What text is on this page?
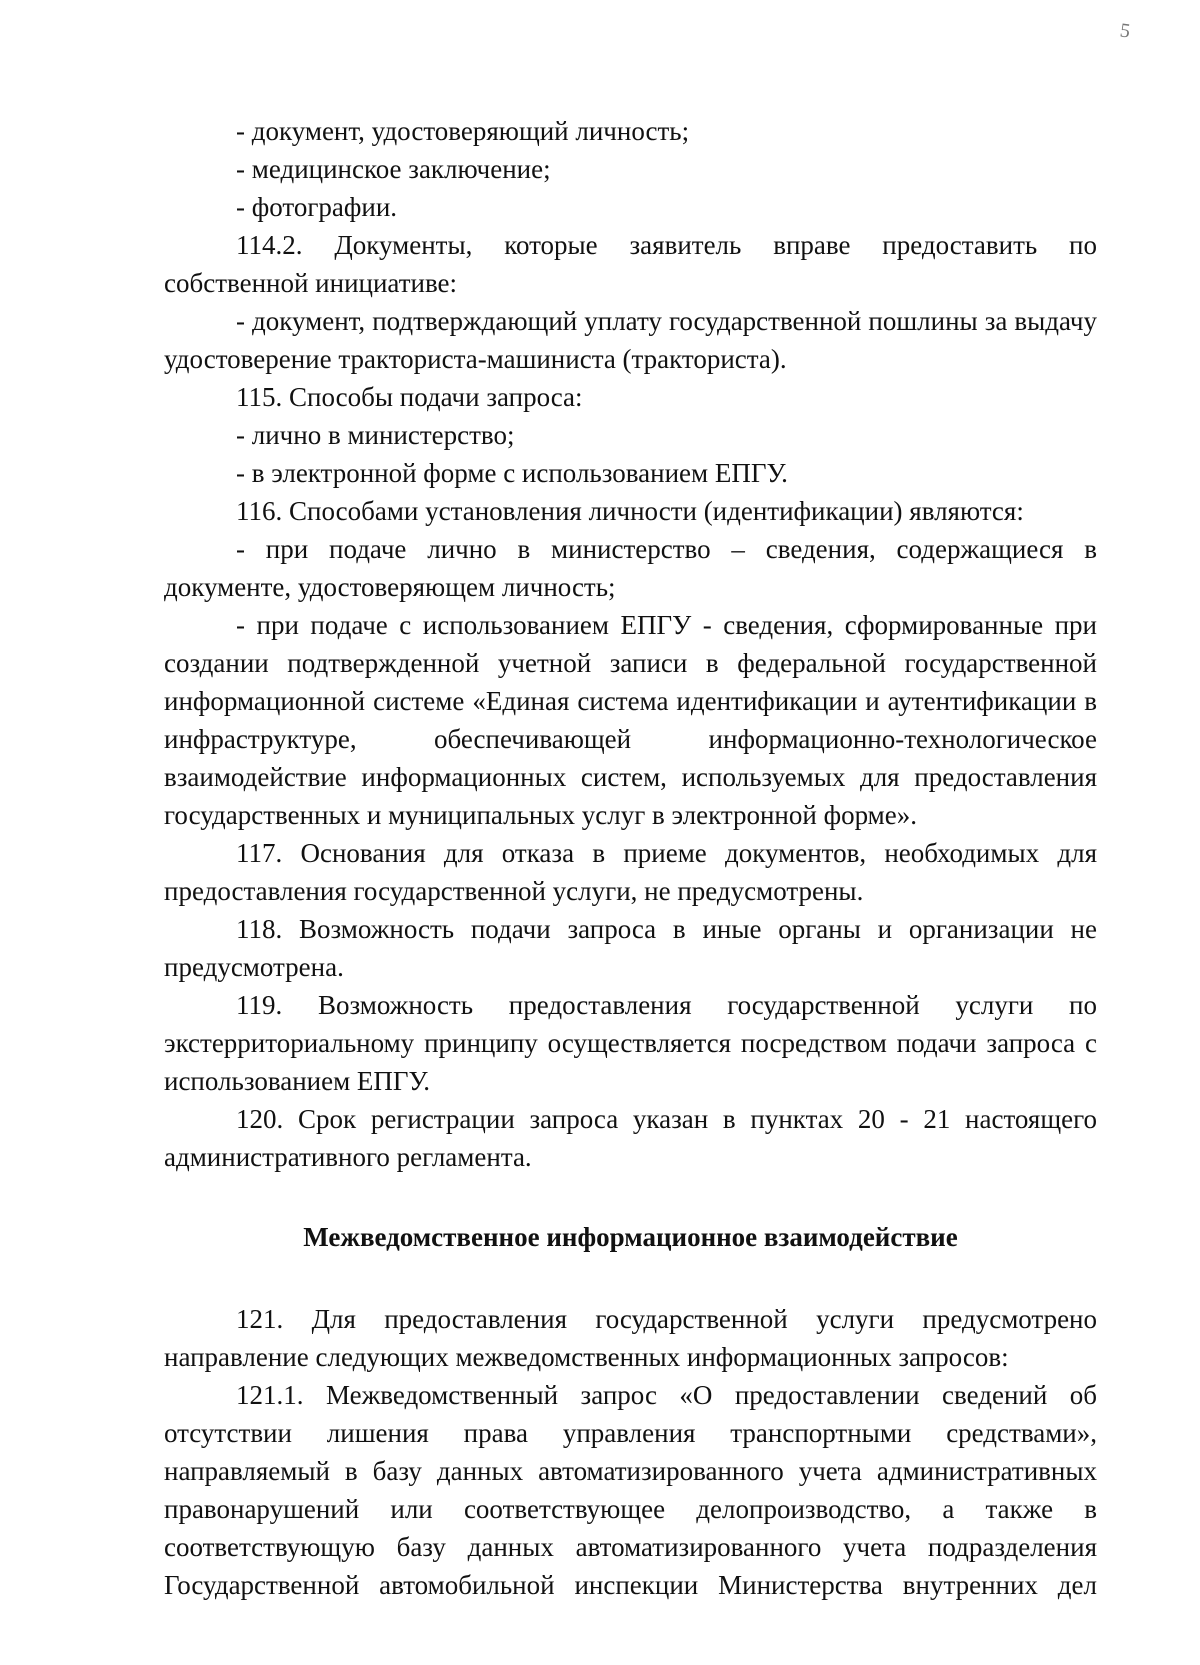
5

- документ, удостоверяющий личность;

- медицинское заключение;

- фотографии.

114.2. Документы, которые заявитель вправе предоставить по собственной инициативе:

- документ, подтверждающий уплату государственной пошлины за выдачу удостоверение тракториста-машиниста (тракториста).

115. Способы подачи запроса:

- лично в министерство;

- в электронной форме с использованием ЕПГУ.

116. Способами установления личности (идентификации) являются:

- при подаче лично в министерство – сведения, содержащиеся в документе, удостоверяющем личность;

- при подаче с использованием ЕПГУ - сведения, сформированные при создании подтвержденной учетной записи в федеральной государственной информационной системе «Единая система идентификации и аутентификации в инфраструктуре, обеспечивающей информационно-технологическое взаимодействие информационных систем, используемых для предоставления государственных и муниципальных услуг в электронной форме».

117. Основания для отказа в приеме документов, необходимых для предоставления государственной услуги, не предусмотрены.

118. Возможность подачи запроса в иные органы и организации не предусмотрена.

119. Возможность предоставления государственной услуги по экстерриториальному принципу осуществляется посредством подачи запроса с использованием ЕПГУ.

120. Срок регистрации запроса указан в пунктах 20 - 21 настоящего административного регламента.

Межведомственное информационное взаимодействие

121. Для предоставления государственной услуги предусмотрено направление следующих межведомственных информационных запросов:

121.1. Межведомственный запрос «О предоставлении сведений об отсутствии лишения права управления транспортными средствами», направляемый в базу данных автоматизированного учета административных правонарушений или соответствующее делопроизводство, а также в соответствующую базу данных автоматизированного учета подразделения Государственной автомобильной инспекции Министерства внутренних дел
